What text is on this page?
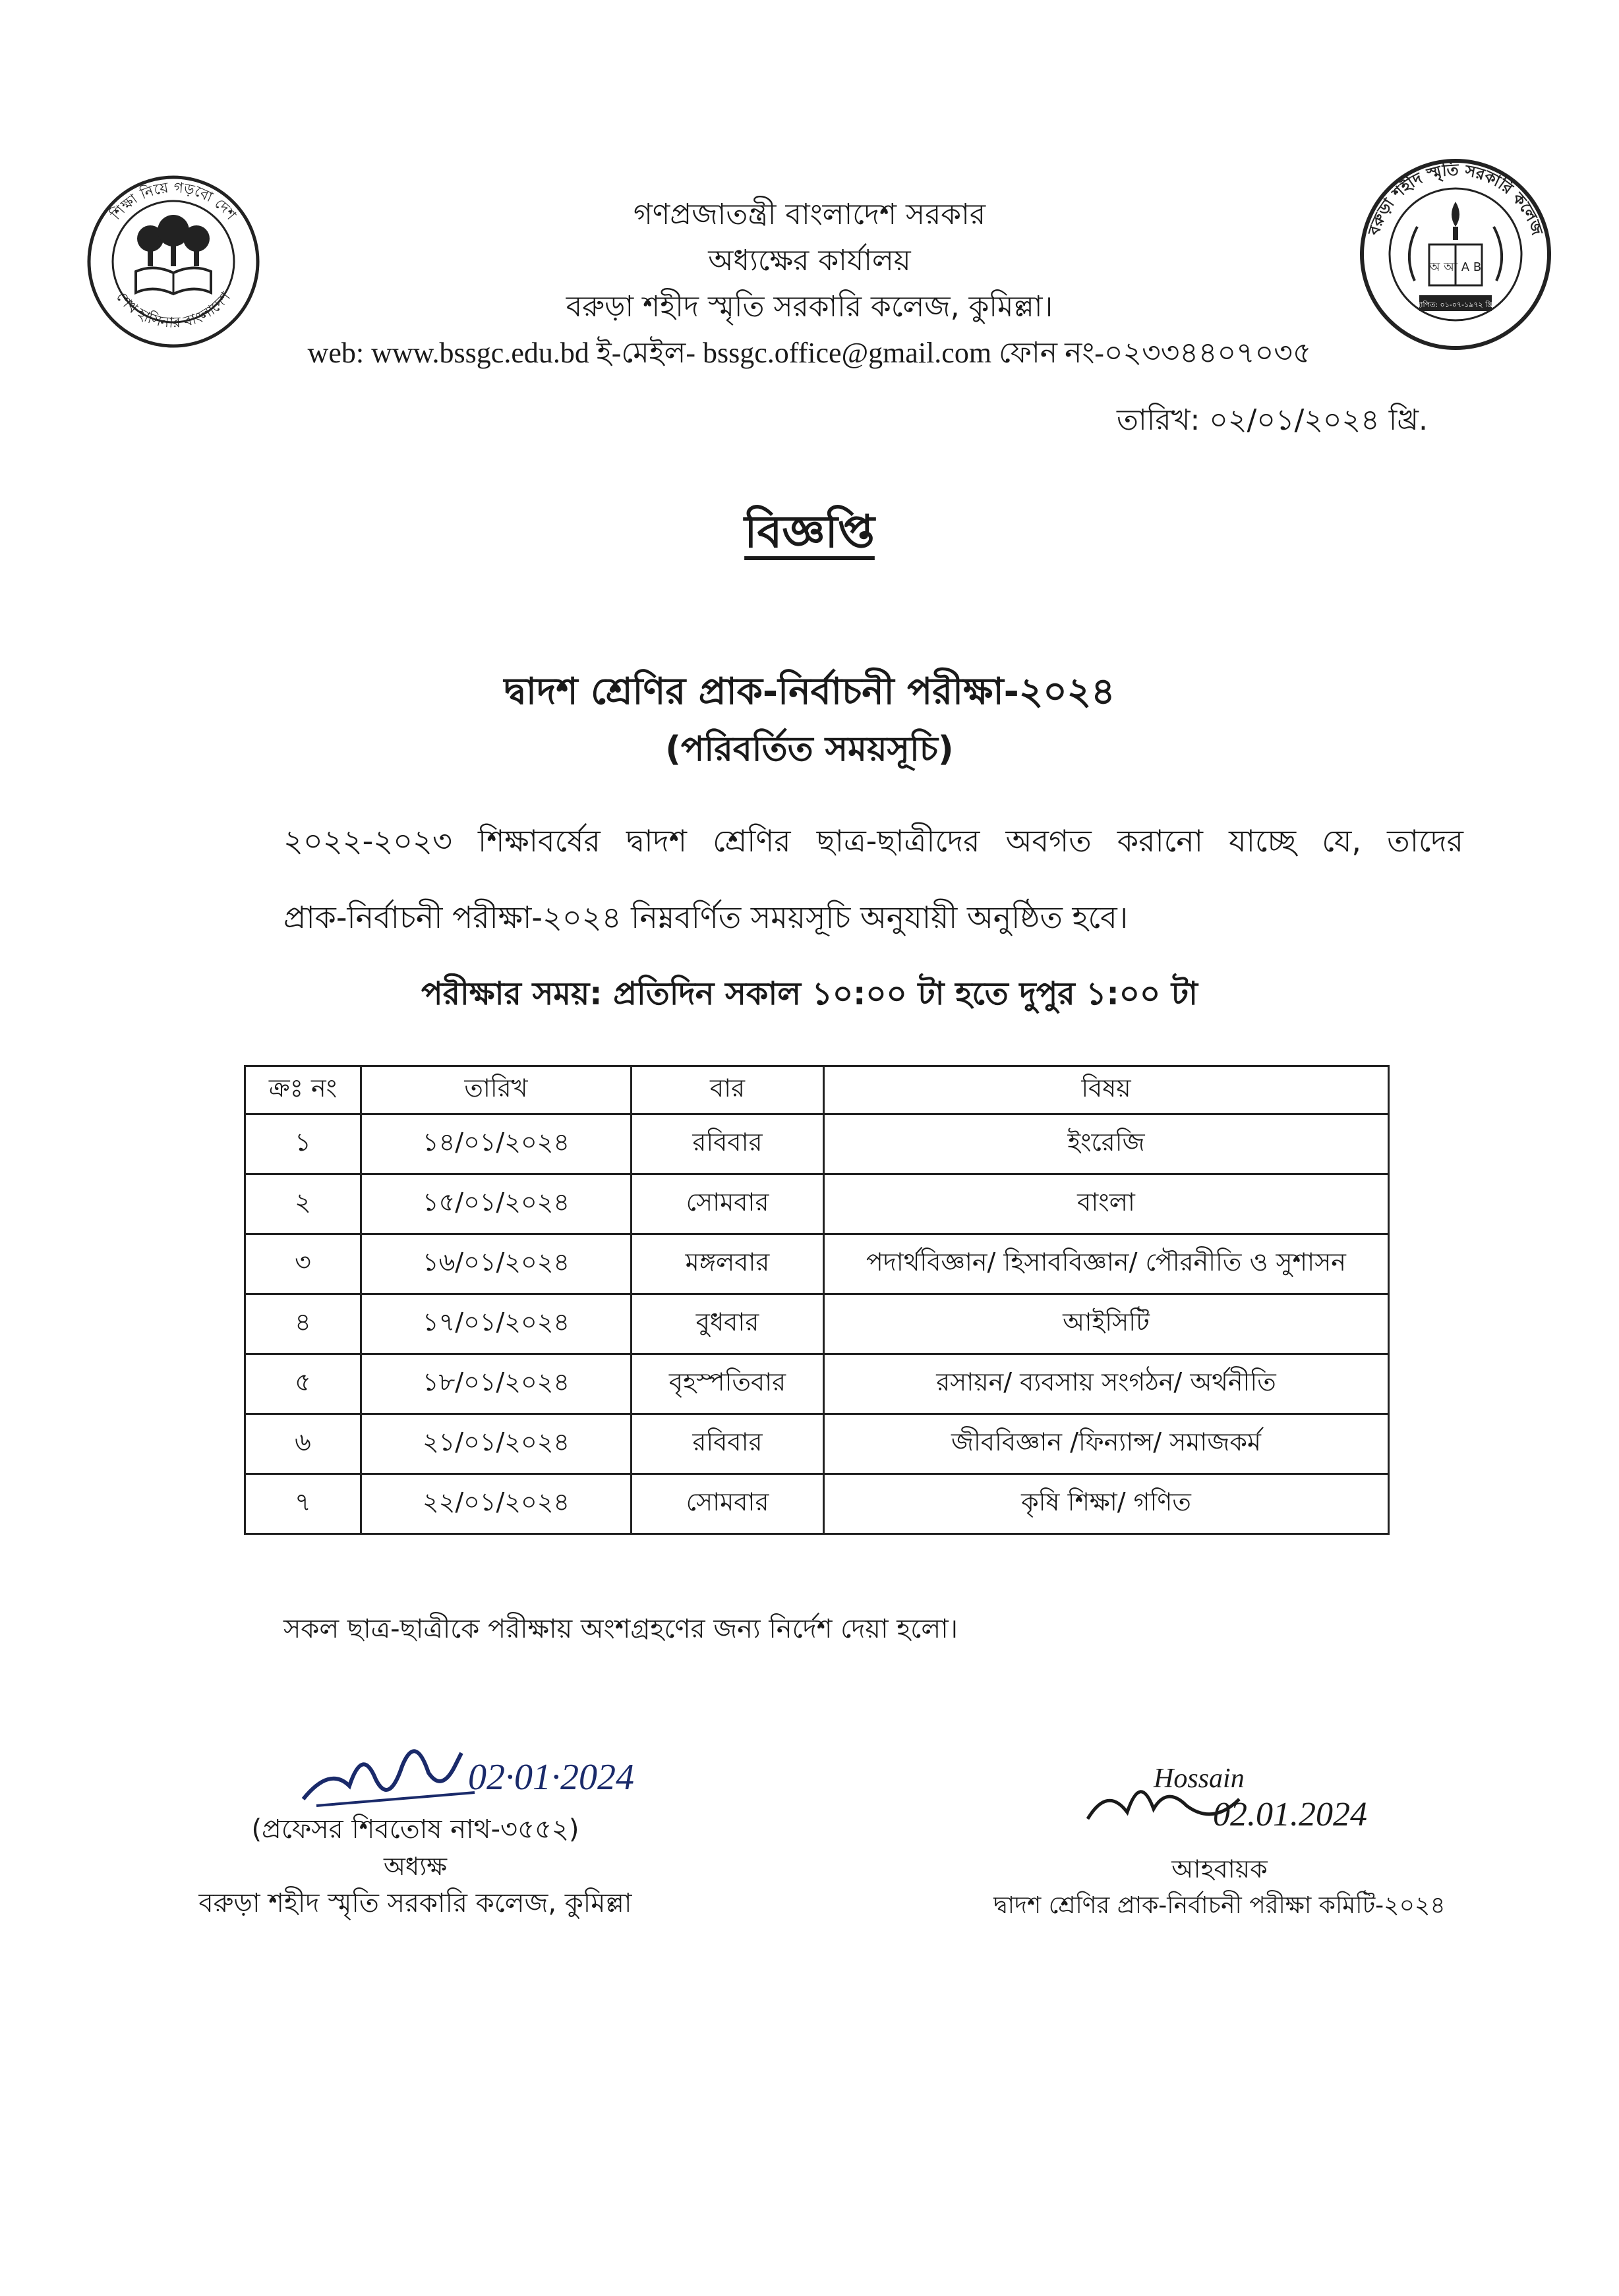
শিক্ষা নিয়ে গড়বো দেশ
শেখ হাসিনার বাংলাদেশ
বরুড়া শহীদ স্মৃতি সরকারি কলেজ
অ আ A B
স্থাপিত: ০১-০৭-১৯৭২ খ্রি.
গণপ্রজাতন্ত্রী বাংলাদেশ সরকার
অধ্যক্ষের কার্যালয়
বরুড়া শহীদ স্মৃতি সরকারি কলেজ, কুমিল্লা।
web: www.bssgc.edu.bd ই-মেইল- bssgc.office@gmail.com ফোন নং-০২৩৩৪৪০৭০৩৫
তারিখ: ০২/০১/২০২৪ খ্রি.
বিজ্ঞপ্তি
দ্বাদশ শ্রেণির প্রাক-নির্বাচনী পরীক্ষা-২০২৪
(পরিবর্তিত সময়সূচি)
২০২২-২০২৩ শিক্ষাবর্ষের দ্বাদশ শ্রেণির ছাত্র-ছাত্রীদের অবগত করানো যাচ্ছে যে, তাদের
প্রাক-নির্বাচনী পরীক্ষা-২০২৪ নিম্নবর্ণিত সময়সূচি অনুযায়ী অনুষ্ঠিত হবে।
পরীক্ষার সময়: প্রতিদিন সকাল ১০:০০ টা হতে দুপুর ১:০০ টা
ক্রঃ নং	তারিখ	বার	বিষয়
১	১৪/০১/২০২৪	রবিবার	ইংরেজি
২	১৫/০১/২০২৪	সোমবার	বাংলা
৩	১৬/০১/২০২৪	মঙ্গলবার	পদার্থবিজ্ঞান/ হিসাববিজ্ঞান/ পৌরনীতি ও সুশাসন
৪	১৭/০১/২০২৪	বুধবার	আইসিটি
৫	১৮/০১/২০২৪	বৃহস্পতিবার	রসায়ন/ ব্যবসায় সংগঠন/ অর্থনীতি
৬	২১/০১/২০২৪	রবিবার	জীববিজ্ঞান /ফিন্যান্স/ সমাজকর্ম
৭	২২/০১/২০২৪	সোমবার	কৃষি শিক্ষা/ গণিত
সকল ছাত্র-ছাত্রীকে পরীক্ষায় অংশগ্রহণের জন্য নির্দেশ দেয়া হলো।
02·01·2024
(প্রফেসর শিবতোষ নাথ-৩৫৫২)
অধ্যক্ষ
বরুড়া শহীদ স্মৃতি সরকারি কলেজ, কুমিল্লা
Hossain
02.01.2024
আহবায়ক
দ্বাদশ শ্রেণির প্রাক-নির্বাচনী পরীক্ষা কমিটি-২০২৪
